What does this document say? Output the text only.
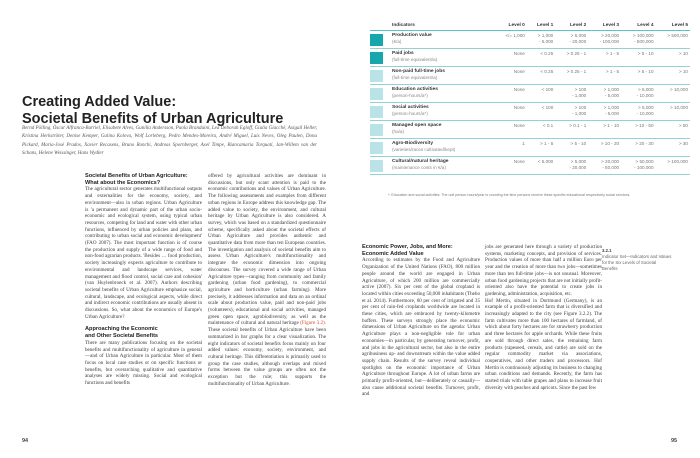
Creating Added Value:
Societal Benefits of Urban Agriculture
Bernd Pölling, Òscar Alfranca-Burriel, Elisabete Alves, Gunilla Andersson, Paola Branduini, Lea Deborah Egloff, Giulia Giacchè, Axigail Heller, Kristina Herkströter, Denise Kemper, Galina Kolova, Wolf Lorleberg, Pedro Mendes-Moreira, André Miguel, Luís Neves, Oleg Paulen, Dona Pickard, Maria-José Prados, Xavier Recasens, Bruno Ronchi, Andreas Spornberger, Axel Timpe, Biancamaria Torquati, Jan-Willem van der Schans, Helene Weissinger, Hans Wydler
Societal Benefits of Urban Agriculture:
What about the Economics?

The agricultural sector generates multifunctional outputs and externalities for the economy, society, and environment—also in urban regions. Urban Agriculture is 'a permanent and dynamic part of the urban socio-economic and ecological system, using typical urban resources, competing for land and water with other urban functions, influenced by urban policies and plans, and contributing to urban social and economic development' (FAO 2007). The most important function is of course the production and supply of a wide range of food and non-food agrarian products. 'Besides … food production, society increasingly expects agriculture to contribute to environmental and landscape services, water management and flood control, social care and cohesion' (van Huylenbroeck et al. 2007). Authors describing societal benefits of Urban Agriculture emphasize social, cultural, landscape, and ecological aspects, while direct and indirect economic contributions are usually absent in discussions. So, what about the economics of Europe's Urban Agriculture?

Approaching the Economic
and Other Societal Benefits

There are many publications focusing on the societal benefits and multifunctionality of agriculture in general—and of Urban Agriculture in particular. Most of them focus on local case studies or on specific functions or benefits, but overarching qualitative and quantitative analyses are widely missing. Social and ecological functions and benefits

offered by agricultural activities are dominant in discussions, but only scant attention is paid to the economic contributions and values of Urban Agriculture. The following assessments and examples from different urban regions in Europe address this knowledge gap. The added value to society, the environment, and cultural heritage by Urban Agriculture is also considered. A survey, which was based on a standardized questionnaire scheme, specifically asked about the societal effects of Urban Agriculture and provides authentic and quantitative data from more than ten European countries. The investigation and analysis of societal benefits aim to assess Urban Agriculture's multifunctionality and integrate the economic dimension into ongoing discourses. The survey covered a wide range of Urban Agriculture types—ranging from community and family gardening (urban food gardening), to commercial agriculture and horticulture (urban farming). More precisely, it addresses information and data on an ordinal scale about production value, paid and non-paid jobs (volunteers), educational and social activities, managed green open space, agrobiodiversity, as well as the maintenance of cultural and natural heritage (Figure 3.2). These societal benefits of Urban Agriculture have been summarized in bar graphs for a clear visualization. The eight indicators of societal benefits focus mainly on four added values: economy, society, environment, and cultural heritage. This differentiation is primarily used to group the case studies, although overlaps and mixed forms between the value groups are often not the exception but the rule; this supports the multifunctionality of Urban Agriculture.

94
	Indicators	Level 0	Level 1	Level 2	Level 3	Level 4	Level 5

	Production value
(€/a)	</= 1,000	> 1,000
- 5,000	> 5,000
- 20,000	> 20,000
- 100,000	> 100,000
- 500,000	> 500,000

	Paid jobs
(full-time equivalent/a)	None	< 0.25	> 0.25 - 1	> 1 - 5	> 5 - 10	> 10

	Non-paid full-time jobs
(full-time equivalent/a)	None	< 0.25	> 0.25 - 1	> 1 - 5	> 5 - 10	> 10

	Education activities
(person-hours/a*)	None	< 100	> 100
- 1,000	> 1,000
- 5,000	> 5,000
- 10,000	> 10,000

	Social activities
(person-hours/a*)	None	< 100	> 100
- 1,000	> 1,000
- 5,000	> 5,000
- 10,000	> 10,000

	Managed open space
(ha/a)	None	< 0.1	> 0.1 - 1	> 1 - 10	> 10 - 50	> 50

	Agro-Biodiversity
(varieties/races cultivated/kept)	1	> 1 - 5	> 5 - 10	> 10 - 20	> 20 - 30	> 30

	Cultural/natural heritage
(maintenance costs in €/a)	None	< 5,000	> 5,000
- 20,000	> 20,000
- 50,000	> 50,000
- 100,000	> 100,000
*: Education and social activities: The unit person-hours/year is counting the time persons receive these specific educational respectively social services.
Economic Power, Jobs, and More:
Economic Added Value

According to estimates by the Food and Agriculture Organization of the United Nations (FAO), 800 million people around the world are engaged in Urban Agriculture, of which 200 million are commercially active (2007). Six per cent of the global cropland is located within cities exceeding 50,000 inhabitants (Thebo et al. 2014). Furthermore, 60 per cent of irrigated and 35 per cent of rain-fed croplands worldwide are located in these cities, which are embraced by twenty-kilometre buffers. These surveys strongly place the economic dimensions of Urban Agriculture on the agenda: Urban Agriculture plays a non-negligible role for urban economies—in particular, by generating turnover, profit, and jobs in the agricultural sector, but also in the entire agribusiness up- and downstream within the value added supply chain. Results of the survey reveal individual spotlights on the economic importance of Urban Agriculture throughout Europe. A lot of urban farms are primarily profit-oriented, but—deliberately or casually—also cause additional societal benefits. Turnover, profit, and

jobs are generated here through a variety of production systems, marketing concepts, and provision of services. Production values of more than half a million Euro per year and the creation of more than two jobs—sometimes more than ten full-time jobs—is not unusual. Moreover, urban food gardening projects that are not initially profit-oriented also have the potential to create jobs in gardening, administration, acquisition, etc.

Hof Mertin, situated in Dortmund (Germany), is an example of a profit-oriented farm that is diversified and increasingly adapted to the city (see Figure 3.2.2). The farm cultivates more than 100 hectares of farmland, of which about forty hectares are for strawberry production and three hectares for apple orchards. While these fruits are sold through direct sales, the remaining farm products (rapeseed, cereals, and cattle) are sold on the regular commodity market via associations, cooperatives, and other traders and processors. Hof Mertin is continuously adjusting its business to changing urban conditions and demands. Recently, the farm has started trials with table grapes and plans to increase fruit diversity with peaches and apricots. Since the past few

3.2.1
Indicator Set—Indicators and Values for the Six Levels of Societal Benefits
95
